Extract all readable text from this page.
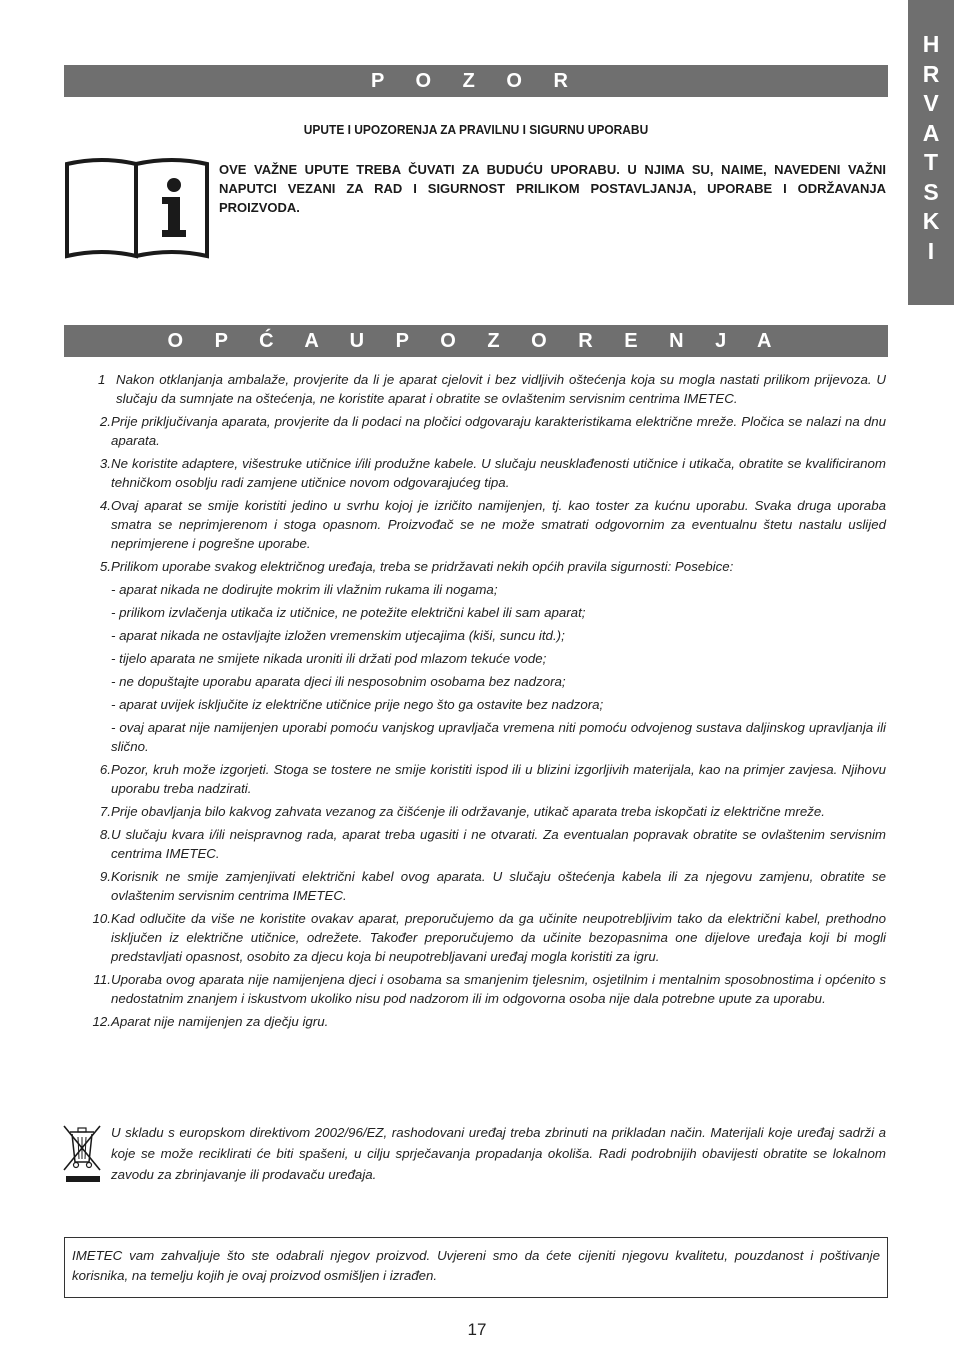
H
R
V
A
T
S
K
I
P O Z O R
UPUTE I UPOZORENJA ZA PRAVILNU I SIGURNU UPORABU
OVE VAŽNE UPUTE TREBA ČUVATI ZA BUDUĆU UPORABU. U NJIMA SU, NAIME, NAVEDENI VAŽNI NAPUTCI VEZANI ZA RAD I SIGURNOST PRILIKOM POSTAVLJANJA, UPORABE I ODRŽAVANJA PROIZVODA.
O P Ć A U P O Z O R E N J A
1 Nakon otklanjanja ambalaže, provjerite da li je aparat cjelovit i bez vidljivih oštećenja koja su mogla nastati prilikom prijevoza. U slučaju da sumnjate na oštećenja, ne koristite aparat i obratite se ovlaštenim servisnim centrima IMETEC.
2. Prije priključivanja aparata, provjerite da li podaci na pločici odgovaraju karakteristikama električne mreže. Pločica se nalazi na dnu aparata.
3. Ne koristite adaptere, višestruke utičnice i/ili produžne kabele. U slučaju neusklađenosti utičnice i utikača, obratite se kvalificiranom tehničkom osoblju radi zamjene utičnice novom odgovarajućeg tipa.
4. Ovaj aparat se smije koristiti jedino u svrhu kojoj je izričito namijenjen, tj. kao toster za kućnu uporabu. Svaka druga uporaba smatra se neprimjerenom i stoga opasnom. Proizvođač se ne može smatrati odgovornim za eventualnu štetu nastalu uslijed neprimjerene i pogrešne uporabe.
5. Prilikom uporabe svakog električnog uređaja, treba se pridržavati nekih općih pravila sigurnosti: Posebice:
- aparat nikada ne dodirujte mokrim ili vlažnim rukama ili nogama;
- prilikom izvlačenja utikača iz utičnice, ne potežite električni kabel ili sam aparat;
- aparat nikada ne ostavljajte izložen vremenskim utjecajima (kiši, suncu itd.);
- tijelo aparata ne smijete nikada uroniti ili držati pod mlazom tekuće vode;
- ne dopuštajte uporabu aparata djeci ili nesposobnim osobama bez nadzora;
- aparat uvijek isključite iz električne utičnice prije nego što ga ostavite bez nadzora;
- ovaj aparat nije namijenjen uporabi pomoću vanjskog upravljača vremena niti pomoću odvojenog sustava daljinskog upravljanja ili slično.
6. Pozor, kruh može izgorjeti. Stoga se tostere ne smije koristiti ispod ili u blizini izgorljivih materijala, kao na primjer zavjesa. Njihovu uporabu treba nadzirati.
7. Prije obavljanja bilo kakvog zahvata vezanog za čišćenje ili održavanje, utikač aparata treba iskopčati iz električne mreže.
8. U slučaju kvara i/ili neispravnog rada, aparat treba ugasiti i ne otvarati. Za eventualan popravak obratite se ovlaštenim servisnim centrima IMETEC.
9. Korisnik ne smije zamjenjivati električni kabel ovog aparata. U slučaju oštećenja kabela ili za njegovu zamjenu, obratite se ovlaštenim servisnim centrima IMETEC.
10. Kad odlučite da više ne koristite ovakav aparat, preporučujemo da ga učinite neupotrebljivim tako da električni kabel, prethodno isključen iz električne utičnice, odrežete. Također preporučujemo da učinite bezopasnima one dijelove uređaja koji bi mogli predstavljati opasnost, osobito za djecu koja bi neupotrebljavani uređaj mogla koristiti za igru.
11. Uporaba ovog aparata nije namijenjena djeci i osobama sa smanjenim tjelesnim, osjetilnim i mentalnim sposobnostima i općenito s nedostatnim znanjem i iskustvom ukoliko nisu pod nadzorom ili im odgovorna osoba nije dala potrebne upute za uporabu.
12. Aparat nije namijenjen za dječju igru.
U skladu s europskom direktivom 2002/96/EZ, rashodovani uređaj treba zbrinuti na prikladan način. Materijali koje uređaj sadrži a koje se može reciklirati će biti spašeni, u cilju sprječavanja propadanja okoliša. Radi podrobnijih obavijesti obratite se lokalnom zavodu za zbrinjavanje ili prodavaču uređaja.
IMETEC vam zahvaljuje što ste odabrali njegov proizvod. Uvjereni smo da ćete cijeniti njegovu kvalitetu, pouzdanost i poštivanje korisnika, na temelju kojih je ovaj proizvod osmišljen i izrađen.
17
